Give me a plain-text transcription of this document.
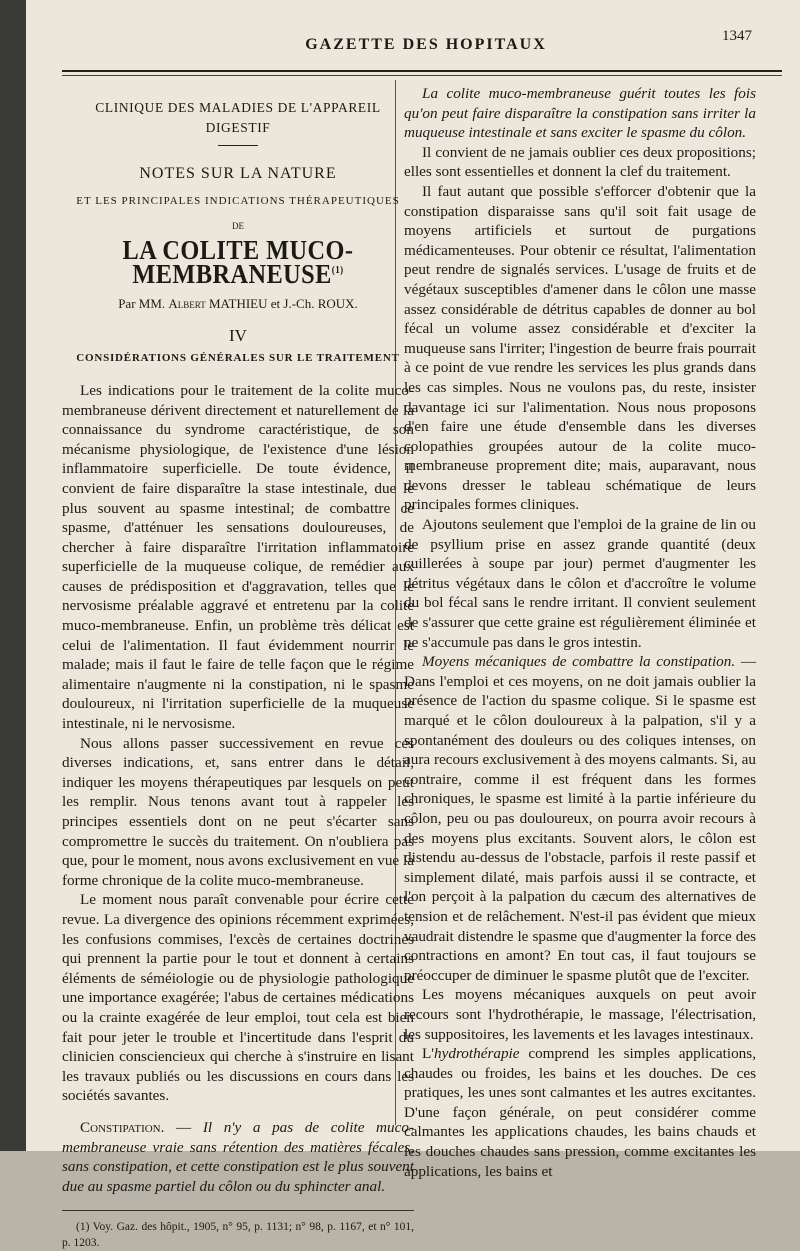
GAZETTE DES HOPITAUX	1347

CLINIQUE DES MALADIES DE L'APPAREIL DIGESTIF

NOTES SUR LA NATURE

ET LES PRINCIPALES INDICATIONS THÉRAPEUTIQUES

DE

LA COLITE MUCO-MEMBRANEUSE$^{(1)}$

Par MM. Albert MATHIEU et J.-Ch. ROUX.

IV

CONSIDÉRATIONS GÉNÉRALES SUR LE TRAITEMENT

Les indications pour le traitement de la colite muco-membraneuse dérivent directement et naturellement de la connaissance du syndrome caractéristique, de son mécanisme physiologique, de l'existence d'une lésion inflammatoire superficielle. De toute évidence, il convient de faire disparaître la stase intestinale, due le plus souvent au spasme intestinal; de combattre ce spasme, d'atténuer les sensations douloureuses, de chercher à faire disparaître l'irritation inflammatoire superficielle de la muqueuse colique, de remédier aux causes de prédisposition et d'aggravation, telles que le nervosisme préalable aggravé et entretenu par la colite muco-membraneuse. Enfin, un problème très délicat est celui de l'alimentation. Il faut évidemment nourrir le malade; mais il faut le faire de telle façon que le régime alimentaire n'augmente ni la constipation, ni le spasme douloureux, ni l'irritation superficielle de la muqueuse intestinale, ni le nervosisme.

Nous allons passer successivement en revue ces diverses indications, et, sans entrer dans le détail, indiquer les moyens thérapeutiques par lesquels on peut les remplir. Nous tenons avant tout à rappeler les principes essentiels dont on ne peut s'écarter sans compromettre le succès du traitement. On n'oubliera pas que, pour le moment, nous avons exclusivement en vue la forme chronique de la colite muco-membraneuse.

Le moment nous paraît convenable pour écrire cette revue. La divergence des opinions récemment exprimées, les confusions commises, l'excès de certaines doctrines qui prennent la partie pour le tout et donnent à certains éléments de séméiologie ou de physiologie pathologique une importance exagérée; l'abus de certaines médications ou la crainte exagérée de leur emploi, tout cela est bien fait pour jeter le trouble et l'incertitude dans l'esprit du clinicien consciencieux qui cherche à s'instruire en lisant les travaux publiés ou les discussions en cours dans les sociétés savantes.

Constipation. — Il n'y a pas de colite muco-membraneuse vraie sans rétention des matières fécales, sans constipation, et cette constipation est le plus souvent due au spasme partiel du côlon ou du sphincter anal.

(1) Voy. Gaz. des hôpit., 1905, n° 95, p. 1131; n° 98, p. 1167, et n° 101, p. 1203.

La colite muco-membraneuse guérit toutes les fois qu'on peut faire disparaître la constipation sans irriter la muqueuse intestinale et sans exciter le spasme du côlon.

Il convient de ne jamais oublier ces deux propositions; elles sont essentielles et donnent la clef du traitement.

Il faut autant que possible s'efforcer d'obtenir que la constipation disparaisse sans qu'il soit fait usage de moyens artificiels et surtout de purgations médicamenteuses. Pour obtenir ce résultat, l'alimentation peut rendre de signalés services. L'usage de fruits et de végétaux susceptibles d'amener dans le côlon une masse assez considérable de détritus capables de donner au bol fécal un volume assez considérable et d'exciter la muqueuse sans l'irriter; l'ingestion de beurre frais pourrait à ce point de vue rendre les services les plus grands dans les cas simples. Nous ne voulons pas, du reste, insister davantage ici sur l'alimentation. Nous nous proposons d'en faire une étude d'ensemble dans les diverses colopathies groupées autour de la colite muco-membraneuse proprement dite; mais, auparavant, nous devons dresser le tableau schématique de leurs principales formes cliniques.

Ajoutons seulement que l'emploi de la graine de lin ou de psyllium prise en assez grande quantité (deux cuillerées à soupe par jour) permet d'augmenter les détritus végétaux dans le côlon et d'accroître le volume du bol fécal sans le rendre irritant. Il convient seulement de s'assurer que cette graine est régulièrement éliminée et ne s'accumule pas dans le gros intestin.

Moyens mécaniques de combattre la constipation. — Dans l'emploi et ces moyens, on ne doit jamais oublier la présence de l'action du spasme colique. Si le spasme est marqué et le côlon douloureux à la palpation, s'il y a spontanément des douleurs ou des coliques intenses, on aura recours exclusivement à des moyens calmants. Si, au contraire, comme il est fréquent dans les formes chroniques, le spasme est limité à la partie inférieure du côlon, peu ou pas douloureux, on pourra avoir recours à des moyens plus excitants. Souvent alors, le côlon est distendu au-dessus de l'obstacle, parfois il reste passif et simplement dilaté, mais parfois aussi il se contracte, et l'on perçoit à la palpation du cæcum des alternatives de tension et de relâchement. N'est-il pas évident que mieux vaudrait distendre le spasme que d'augmenter la force des contractions en amont? En tout cas, il faut toujours se préoccuper de diminuer le spasme plutôt que de l'exciter.

Les moyens mécaniques auxquels on peut avoir recours sont l'hydrothérapie, le massage, l'électrisation, les suppositoires, les lavements et les lavages intestinaux.

L'hydrothérapie comprend les simples applications, chaudes ou froides, les bains et les douches. De ces pratiques, les unes sont calmantes et les autres excitantes. D'une façon générale, on peut considérer comme calmantes les applications chaudes, les bains chauds et les douches chaudes sans pression, comme excitantes les applications, les bains et
